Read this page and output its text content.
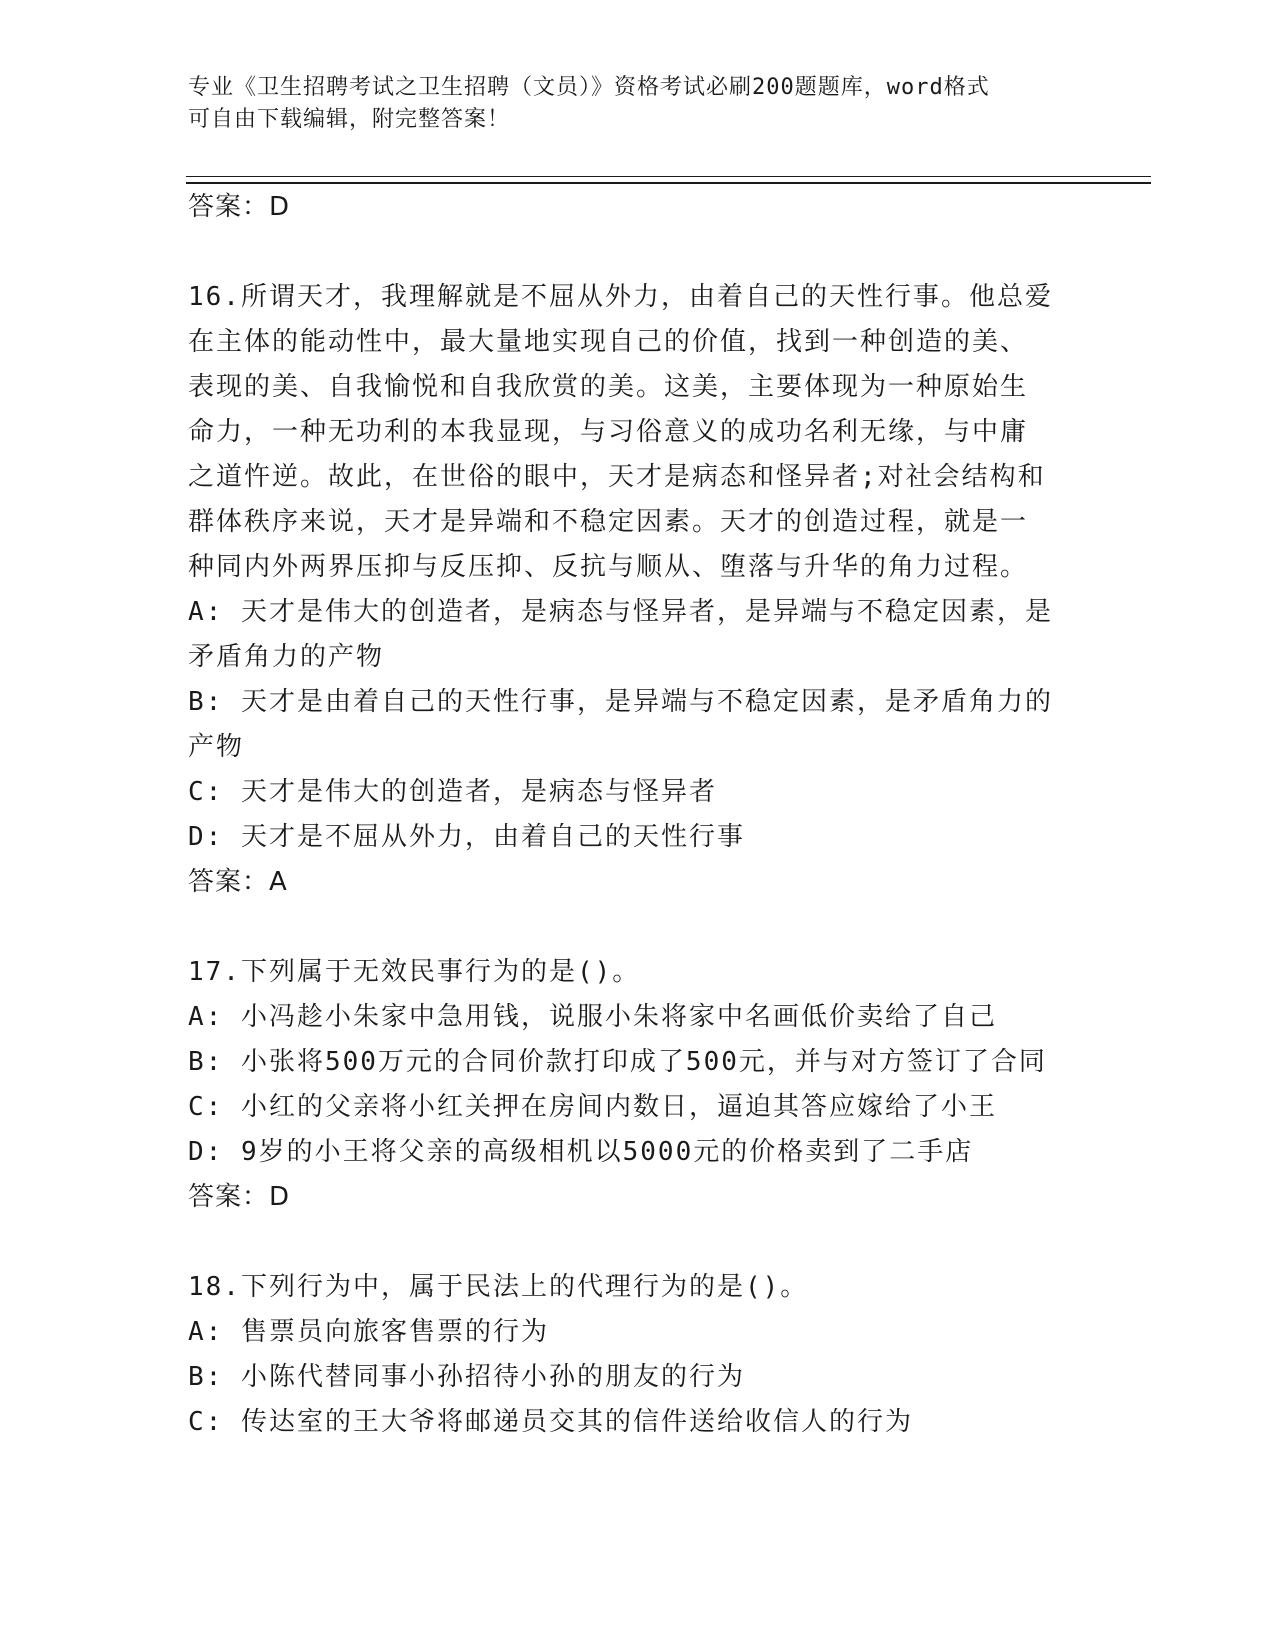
专业《卫生招聘考试之卫生招聘（文员）》资格考试必刷200题题库，word格式
可自由下载编辑，附完整答案！
答案：D
16.所谓天才，我理解就是不屈从外力，由着自己的天性行事。他总爱
在主体的能动性中，最大量地实现自己的价值，找到一种创造的美、
表现的美、自我愉悦和自我欣赏的美。这美，主要体现为一种原始生
命力，一种无功利的本我显现，与习俗意义的成功名利无缘，与中庸
之道忤逆。故此，在世俗的眼中，天才是病态和怪异者;对社会结构和
群体秩序来说，天才是异端和不稳定因素。天才的创造过程，就是一
种同内外两界压抑与反压抑、反抗与顺从、堕落与升华的角力过程。
A: 天才是伟大的创造者，是病态与怪异者，是异端与不稳定因素，是
矛盾角力的产物
B: 天才是由着自己的天性行事，是异端与不稳定因素，是矛盾角力的
产物
C: 天才是伟大的创造者，是病态与怪异者
D: 天才是不屈从外力，由着自己的天性行事
答案：A
17.下列属于无效民事行为的是()。
A: 小冯趁小朱家中急用钱，说服小朱将家中名画低价卖给了自己
B: 小张将500万元的合同价款打印成了500元，并与对方签订了合同
C: 小红的父亲将小红关押在房间内数日，逼迫其答应嫁给了小王
D: 9岁的小王将父亲的高级相机以5000元的价格卖到了二手店
答案：D
18.下列行为中，属于民法上的代理行为的是()。
A: 售票员向旅客售票的行为
B: 小陈代替同事小孙招待小孙的朋友的行为
C: 传达室的王大爷将邮递员交其的信件送给收信人的行为
